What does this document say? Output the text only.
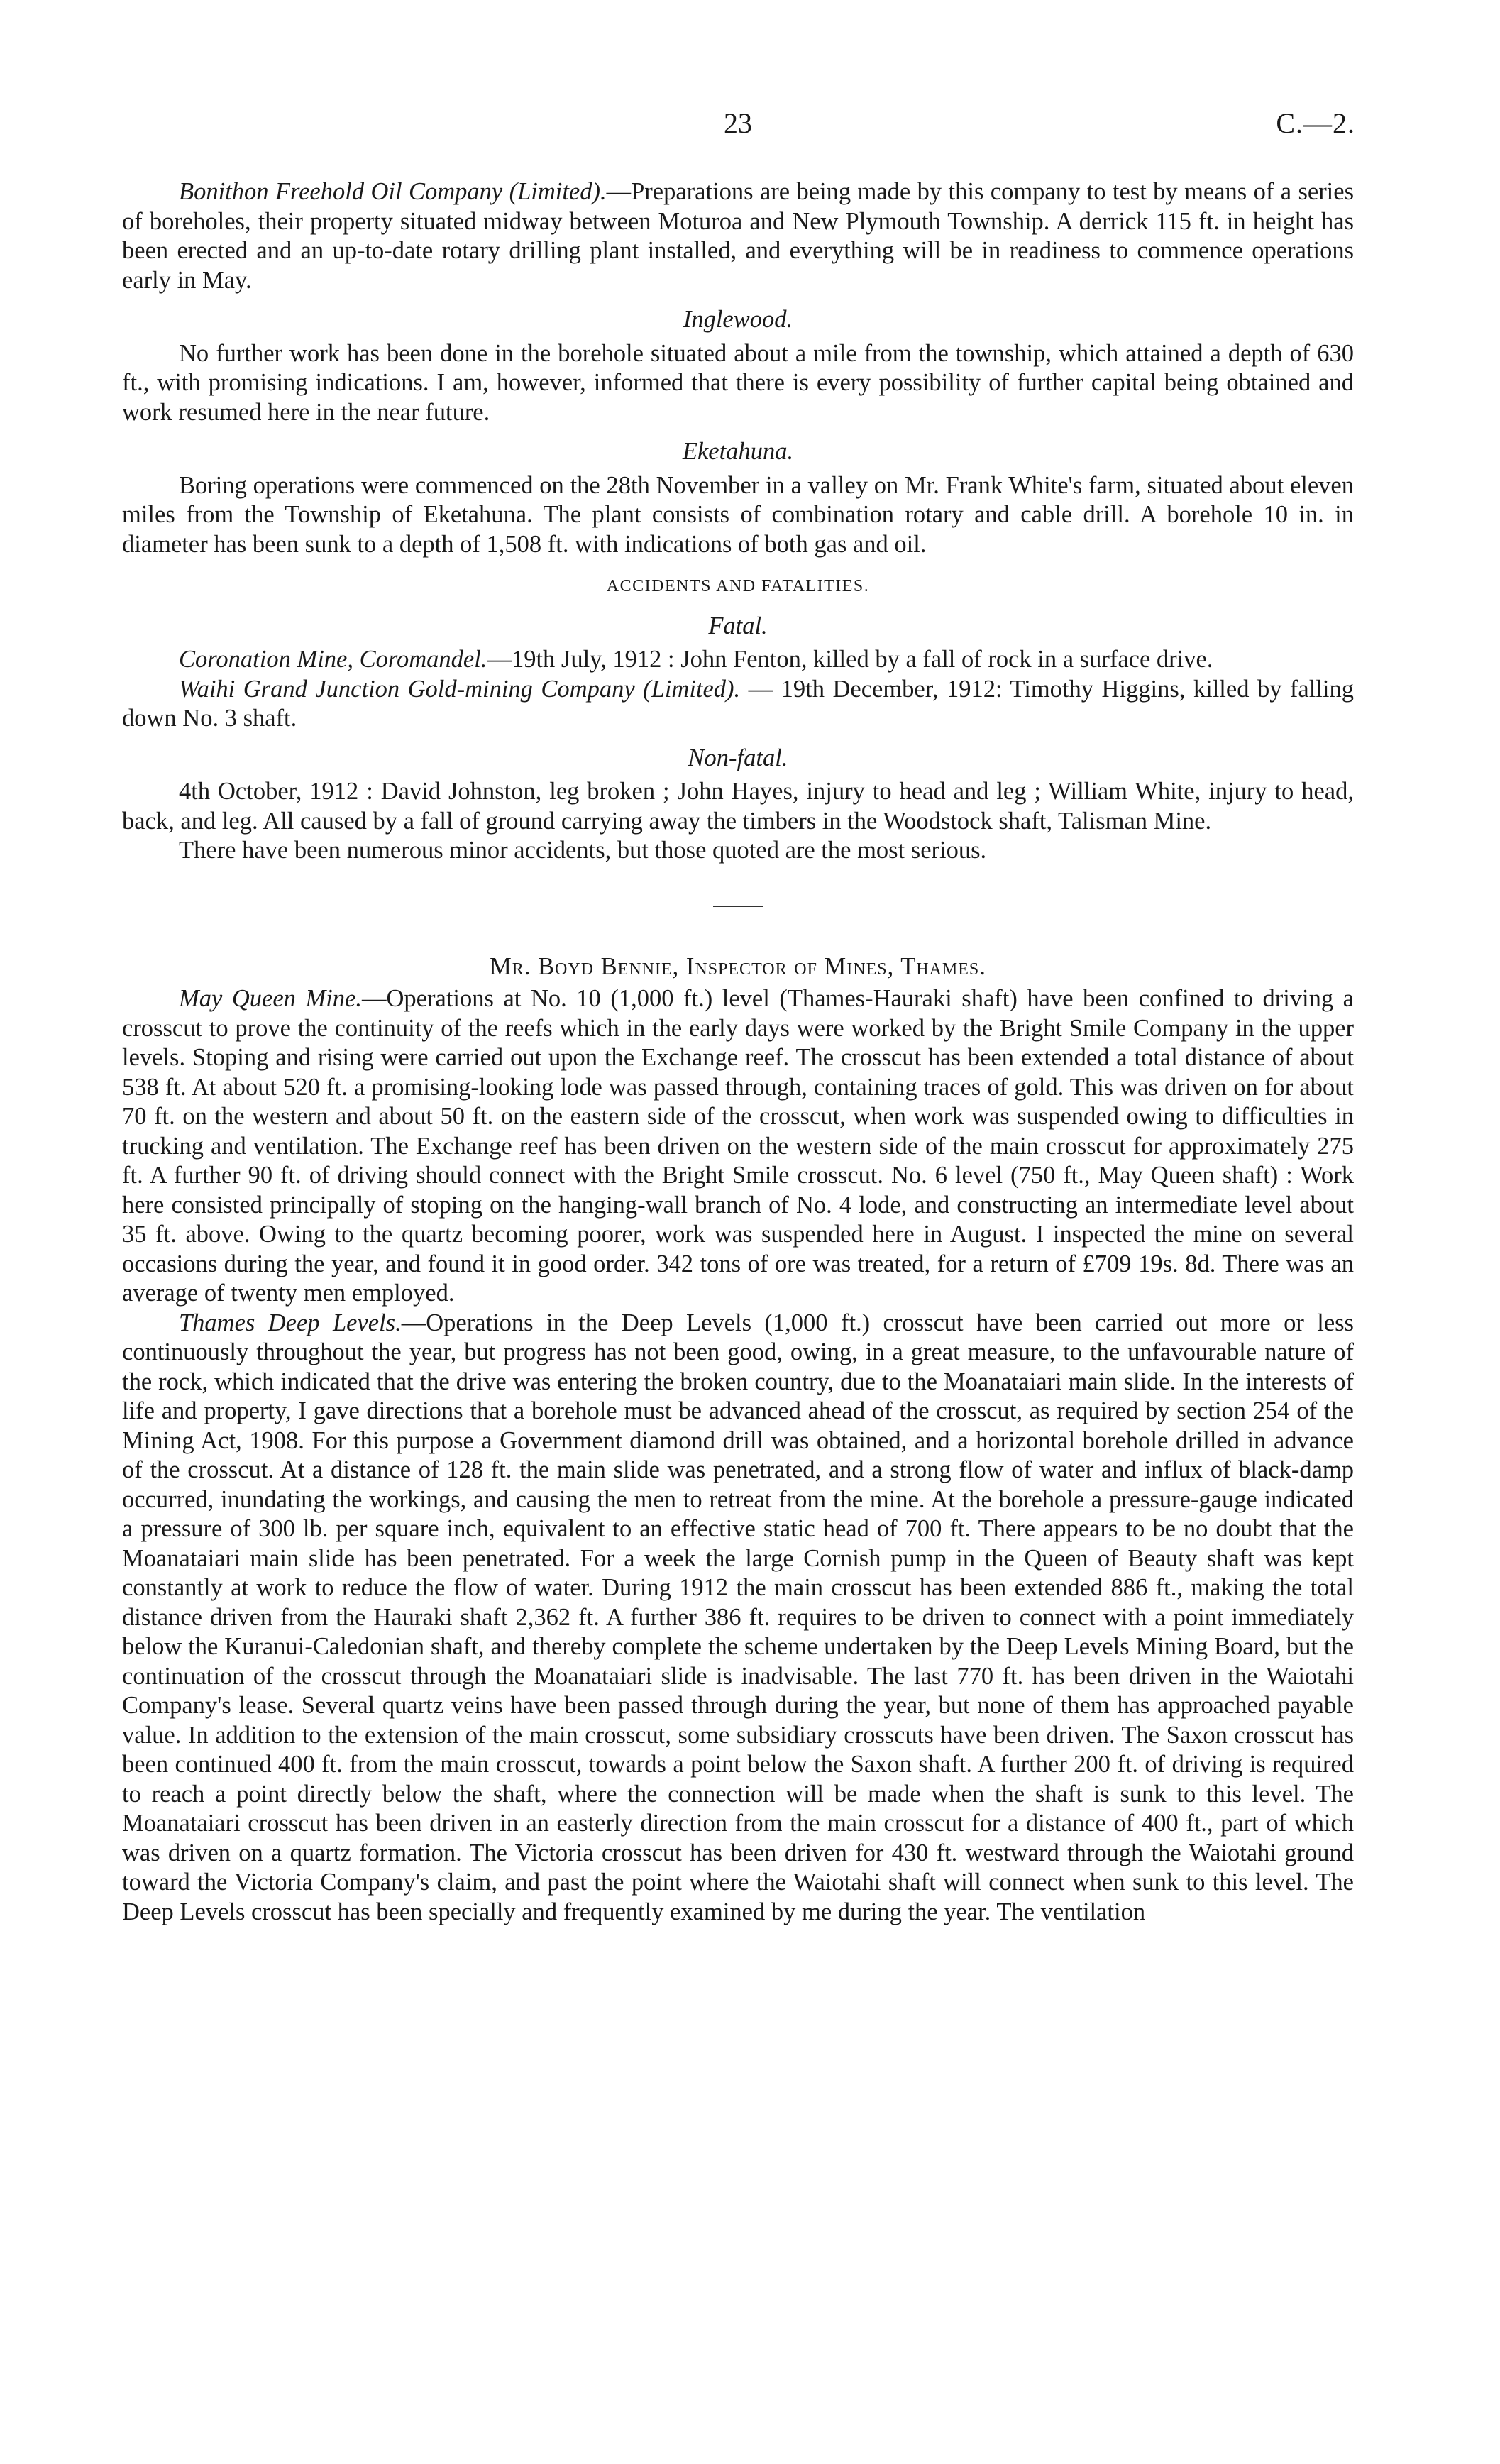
23	C.—2.

Bonithon Freehold Oil Company (Limited).—Preparations are being made by this company to test by means of a series of boreholes, their property situated midway between Moturoa and New Plymouth Township. A derrick 115 ft. in height has been erected and an up-to-date rotary drilling plant installed, and everything will be in readiness to commence operations early in May.

Inglewood.

No further work has been done in the borehole situated about a mile from the township, which attained a depth of 630 ft., with promising indications. I am, however, informed that there is every possibility of further capital being obtained and work resumed here in the near future.

Eketahuna.

Boring operations were commenced on the 28th November in a valley on Mr. Frank White's farm, situated about eleven miles from the Township of Eketahuna. The plant consists of combination rotary and cable drill. A borehole 10 in. in diameter has been sunk to a depth of 1,508 ft. with indications of both gas and oil.

ACCIDENTS AND FATALITIES.
Fatal.

Coronation Mine, Coromandel.—19th July, 1912 : John Fenton, killed by a fall of rock in a surface drive.

Waihi Grand Junction Gold-mining Company (Limited). — 19th December, 1912: Timothy Higgins, killed by falling down No. 3 shaft.

Non-fatal.

4th October, 1912 : David Johnston, leg broken ; John Hayes, injury to head and leg ; William White, injury to head, back, and leg. All caused by a fall of ground carrying away the timbers in the Woodstock shaft, Talisman Mine.

There have been numerous minor accidents, but those quoted are the most serious.

Mr. Boyd Bennie, Inspector of Mines, Thames.

May Queen Mine.—Operations at No. 10 (1,000 ft.) level (Thames-Hauraki shaft) have been confined to driving a crosscut to prove the continuity of the reefs which in the early days were worked by the Bright Smile Company in the upper levels. Stoping and rising were carried out upon the Exchange reef. The crosscut has been extended a total distance of about 538 ft. At about 520 ft. a promising-looking lode was passed through, containing traces of gold. This was driven on for about 70 ft. on the western and about 50 ft. on the eastern side of the crosscut, when work was suspended owing to difficulties in trucking and ventilation. The Exchange reef has been driven on the western side of the main crosscut for approximately 275 ft. A further 90 ft. of driving should connect with the Bright Smile crosscut. No. 6 level (750 ft., May Queen shaft) : Work here consisted principally of stoping on the hanging-wall branch of No. 4 lode, and constructing an intermediate level about 35 ft. above. Owing to the quartz becoming poorer, work was suspended here in August. I inspected the mine on several occasions during the year, and found it in good order. 342 tons of ore was treated, for a return of £709 19s. 8d. There was an average of twenty men employed.

Thames Deep Levels.—Operations in the Deep Levels (1,000 ft.) crosscut have been carried out more or less continuously throughout the year, but progress has not been good, owing, in a great measure, to the unfavourable nature of the rock, which indicated that the drive was entering the broken country, due to the Moanataiari main slide. In the interests of life and property, I gave directions that a borehole must be advanced ahead of the crosscut, as required by section 254 of the Mining Act, 1908. For this purpose a Government diamond drill was obtained, and a horizontal borehole drilled in advance of the crosscut. At a distance of 128 ft. the main slide was penetrated, and a strong flow of water and influx of black-damp occurred, inundating the workings, and causing the men to retreat from the mine. At the borehole a pressure-gauge indicated a pressure of 300 lb. per square inch, equivalent to an effective static head of 700 ft. There appears to be no doubt that the Moanataiari main slide has been penetrated. For a week the large Cornish pump in the Queen of Beauty shaft was kept constantly at work to reduce the flow of water. During 1912 the main crosscut has been extended 886 ft., making the total distance driven from the Hauraki shaft 2,362 ft. A further 386 ft. requires to be driven to connect with a point immediately below the Kuranui-Caledonian shaft, and thereby complete the scheme undertaken by the Deep Levels Mining Board, but the continuation of the crosscut through the Moanataiari slide is inadvisable. The last 770 ft. has been driven in the Waiotahi Company's lease. Several quartz veins have been passed through during the year, but none of them has approached payable value. In addition to the extension of the main crosscut, some subsidiary crosscuts have been driven. The Saxon crosscut has been continued 400 ft. from the main crosscut, towards a point below the Saxon shaft. A further 200 ft. of driving is required to reach a point directly below the shaft, where the connection will be made when the shaft is sunk to this level. The Moanataiari crosscut has been driven in an easterly direction from the main crosscut for a distance of 400 ft., part of which was driven on a quartz formation. The Victoria crosscut has been driven for 430 ft. westward through the Waiotahi ground toward the Victoria Company's claim, and past the point where the Waiotahi shaft will connect when sunk to this level. The Deep Levels crosscut has been specially and frequently examined by me during the year. The ventilation
